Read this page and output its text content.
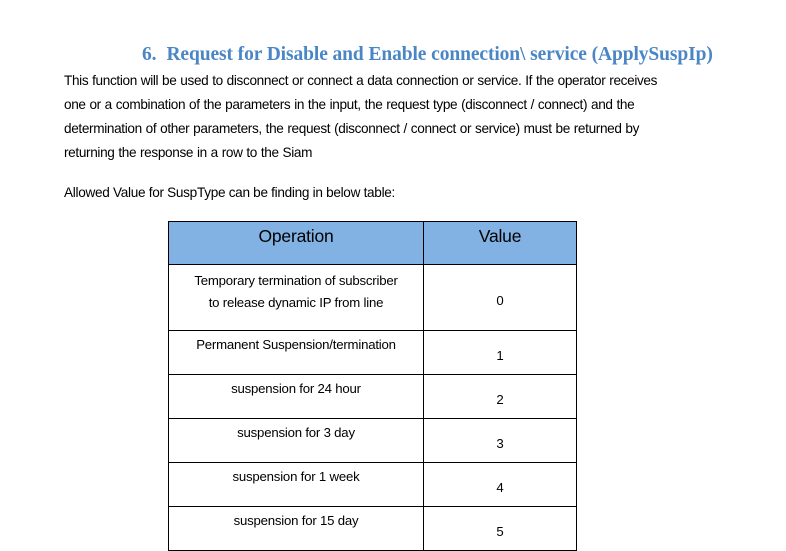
6. Request for Disable and Enable connection\ service (ApplySuspIp)
This function will be used to disconnect or connect a data connection or service. If the operator receives
one or a combination of the parameters in the input, the request type (disconnect / connect) and the
determination of other parameters, the request (disconnect / connect or service) must be returned by
returning the response in a row to the Siam
Allowed Value for SuspType can be finding in below table:
Operation	Value

Temporary termination of subscriber
to release dynamic IP from line	0

Permanent Suspension/termination	1

suspension for 24 hour	2

suspension for 3 day	3

suspension for 1 week	4

suspension for 15 day	5
